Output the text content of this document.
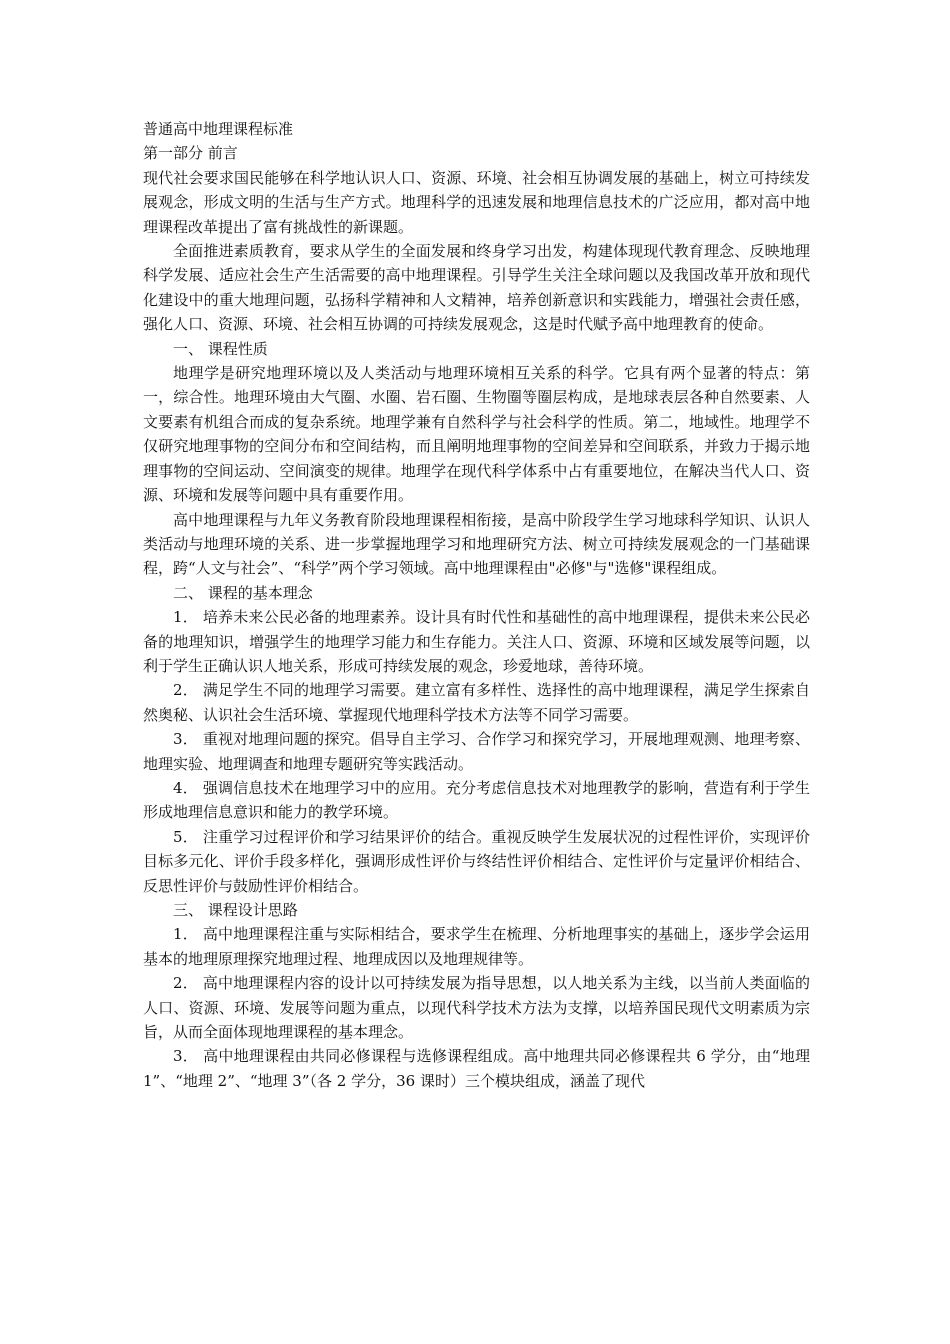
普通高中地理课程标准

第一部分 前言

现代社会要求国民能够在科学地认识人口、资源、环境、社会相互协调发展的基础上，树立可持续发展观念，形成文明的生活与生产方式。地理科学的迅速发展和地理信息技术的广泛应用，都对高中地理课程改革提出了富有挑战性的新课题。

全面推进素质教育，要求从学生的全面发展和终身学习出发，构建体现现代教育理念、反映地理科学发展、适应社会生产生活需要的高中地理课程。引导学生关注全球问题以及我国改革开放和现代化建设中的重大地理问题，弘扬科学精神和人文精神，培养创新意识和实践能力，增强社会责任感，强化人口、资源、环境、社会相互协调的可持续发展观念，这是时代赋予高中地理教育的使命。

一、 课程性质

地理学是研究地理环境以及人类活动与地理环境相互关系的科学。它具有两个显著的特点：第一，综合性。地理环境由大气圈、水圈、岩石圈、生物圈等圈层构成，是地球表层各种自然要素、人文要素有机组合而成的复杂系统。地理学兼有自然科学与社会科学的性质。第二，地域性。地理学不仅研究地理事物的空间分布和空间结构，而且阐明地理事物的空间差异和空间联系，并致力于揭示地理事物的空间运动、空间演变的规律。地理学在现代科学体系中占有重要地位，在解决当代人口、资源、环境和发展等问题中具有重要作用。

高中地理课程与九年义务教育阶段地理课程相衔接，是高中阶段学生学习地球科学知识、认识人类活动与地理环境的关系、进一步掌握地理学习和地理研究方法、树立可持续发展观念的一门基础课程，跨“人文与社会”、“科学”两个学习领域。高中地理课程由"必修"与"选修"课程组成。

二、 课程的基本理念

1． 培养未来公民必备的地理素养。设计具有时代性和基础性的高中地理课程，提供未来公民必备的地理知识，增强学生的地理学习能力和生存能力。关注人口、资源、环境和区域发展等问题，以利于学生正确认识人地关系，形成可持续发展的观念，珍爱地球，善待环境。

2． 满足学生不同的地理学习需要。建立富有多样性、选择性的高中地理课程，满足学生探索自然奥秘、认识社会生活环境、掌握现代地理科学技术方法等不同学习需要。

3． 重视对地理问题的探究。倡导自主学习、合作学习和探究学习，开展地理观测、地理考察、地理实验、地理调查和地理专题研究等实践活动。

4． 强调信息技术在地理学习中的应用。充分考虑信息技术对地理教学的影响，营造有利于学生形成地理信息意识和能力的教学环境。

5． 注重学习过程评价和学习结果评价的结合。重视反映学生发展状况的过程性评价，实现评价目标多元化、评价手段多样化，强调形成性评价与终结性评价相结合、定性评价与定量评价相结合、反思性评价与鼓励性评价相结合。

三、 课程设计思路

1． 高中地理课程注重与实际相结合，要求学生在梳理、分析地理事实的基础上，逐步学会运用基本的地理原理探究地理过程、地理成因以及地理规律等。

2． 高中地理课程内容的设计以可持续发展为指导思想，以人地关系为主线，以当前人类面临的人口、资源、环境、发展等问题为重点，以现代科学技术方法为支撑，以培养国民现代文明素质为宗旨，从而全面体现地理课程的基本理念。

3． 高中地理课程由共同必修课程与选修课程组成。高中地理共同必修课程共 6 学分，由“地理 1”、“地理 2”、“地理 3”（各 2 学分，36 课时）三个模块组成，涵盖了现代
